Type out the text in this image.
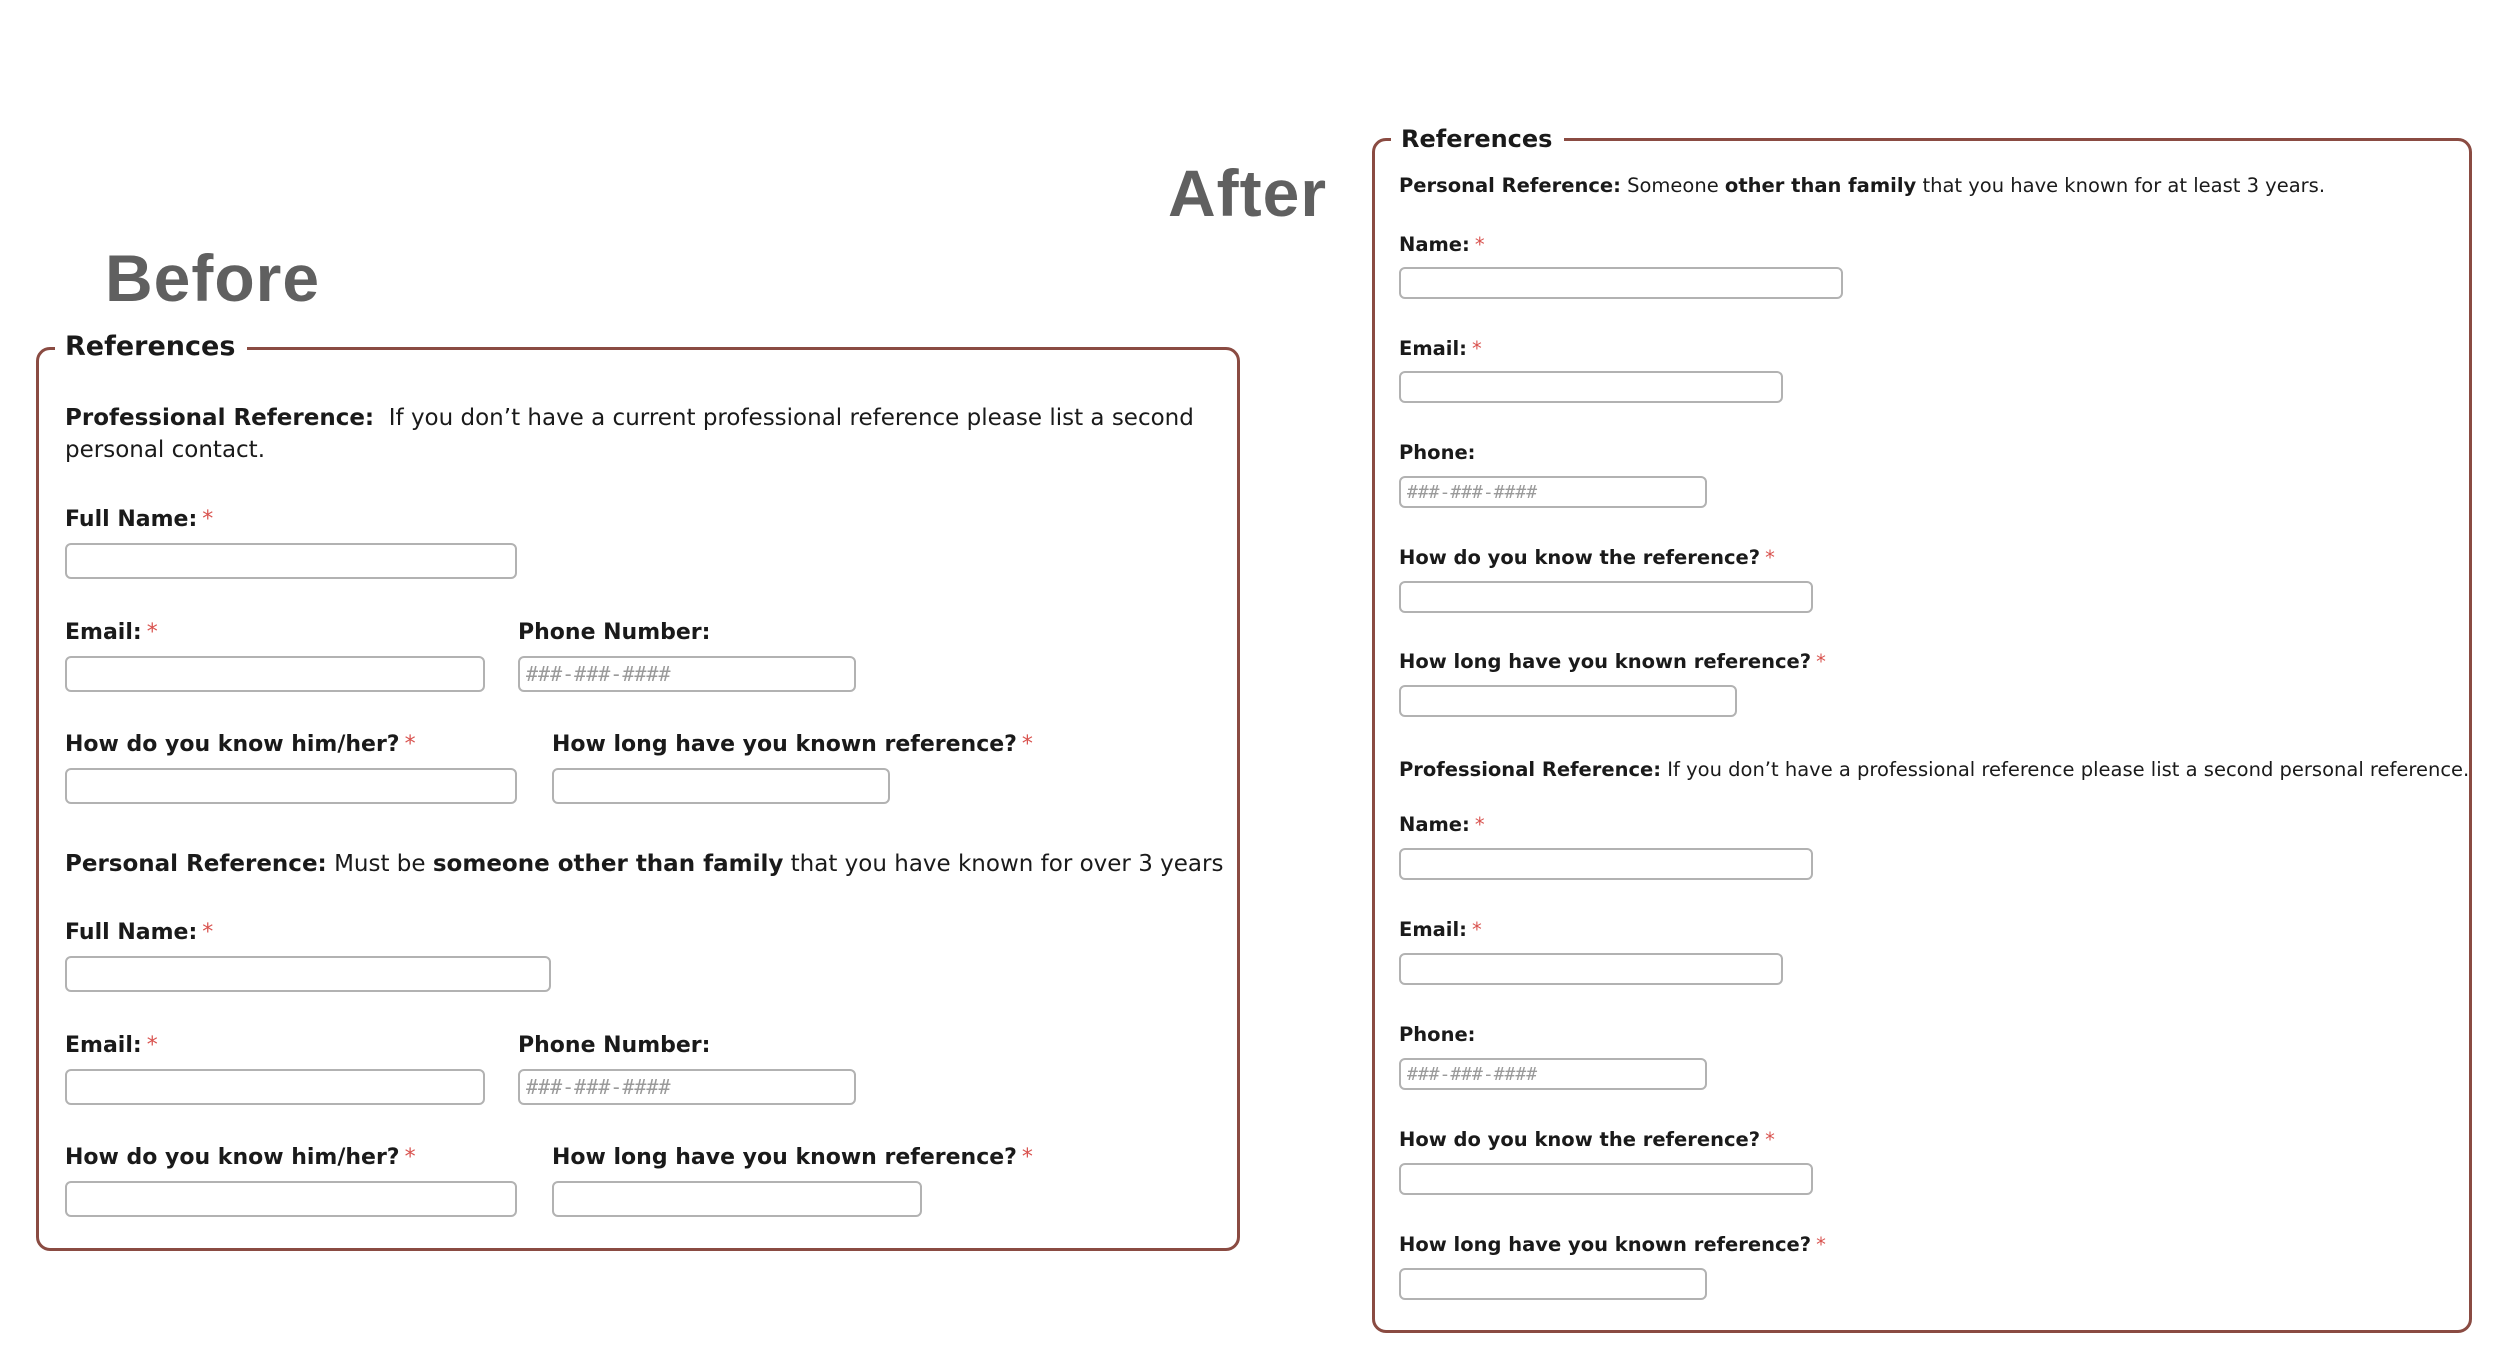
Before
After
References
Professional Reference: If you don’t have a current professional reference please list a second personal contact.
Full Name: *
Email: *	Phone Number:
###-###-####
How do you know him/her? *	How long have you known reference? *
Personal Reference: Must be someone other than family that you have known for over 3 years
Full Name: *
Email: *	Phone Number:
###-###-####
How do you know him/her? *	How long have you known reference? *
References
Personal Reference: Someone other than family that you have known for at least 3 years.
Name: *
Email: *
Phone:
###-###-####
How do you know the reference? *
How long have you known reference? *
Professional Reference: If you don’t have a professional reference please list a second personal reference.
Name: *
Email: *
Phone:
###-###-####
How do you know the reference? *
How long have you known reference? *
